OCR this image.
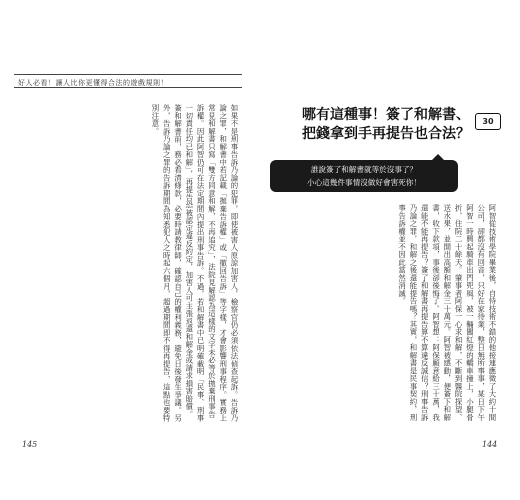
好人必看！讓人比你更懂得合法的遊戲規則！
如果不是刑事告訴乃論的犯罪，即使被害人原諒加害人，檢察官仍必須依法偵查起訴。告訴乃論之罪，和解書中若記載「拋棄告訴權」或「撤回告訴」等字樣，才會影響刑事程序。實務上常見和解書只寫「雙方同意和解，不再追究」，法院見解認為這樣的文字未必等於拋棄刑事告訴權。因此阿智仍可在法定期間內提出刑事告訴。不過，若和解書中已明確載明「民事、刑事一切責任均已和解」，再提告恐被認定違反約定，加害人可主張返還和解金或請求損害賠償。簽和解書前，務必看清條款，必要時請教律師，確認自己的權利義務，避免日後發生爭議。另外，告訴乃論之罪的告訴期間為知悉犯人之時起六個月，超過期間即不得再提告，這點也要特別注意。
145
30
哪有這種事！簽了和解書、
把錢拿到手再提告也合法？
誰說簽了和解書就等於沒事了？
小心這幾件事情沒做好會害死你！
阿智從技術學院畢業後，自恃技術不錯的他接連應徵了大約十間公司，卻都沒有回音，只好在家待業，整日無所事事，某日下午阿智一時興起騎車出門兜風，被一輛闖紅燈的轎車撞上，小腿骨折，住院二十餘天。肇事者阿保一心求和解，不斷到醫院探望、送水果，並開出高額和解金三十萬元。阿智被感動，便簽下和解書，收下款項，事後卻後悔了。阿智想：阿保願意給三十萬，我還能不能再提告？簽了和解書再提告算不算違反誠信？刑事告訴乃論之罪，和解之後還能提告嗎？其實，和解書是民事契約，刑事告訴權並不因此當然消滅。
144
